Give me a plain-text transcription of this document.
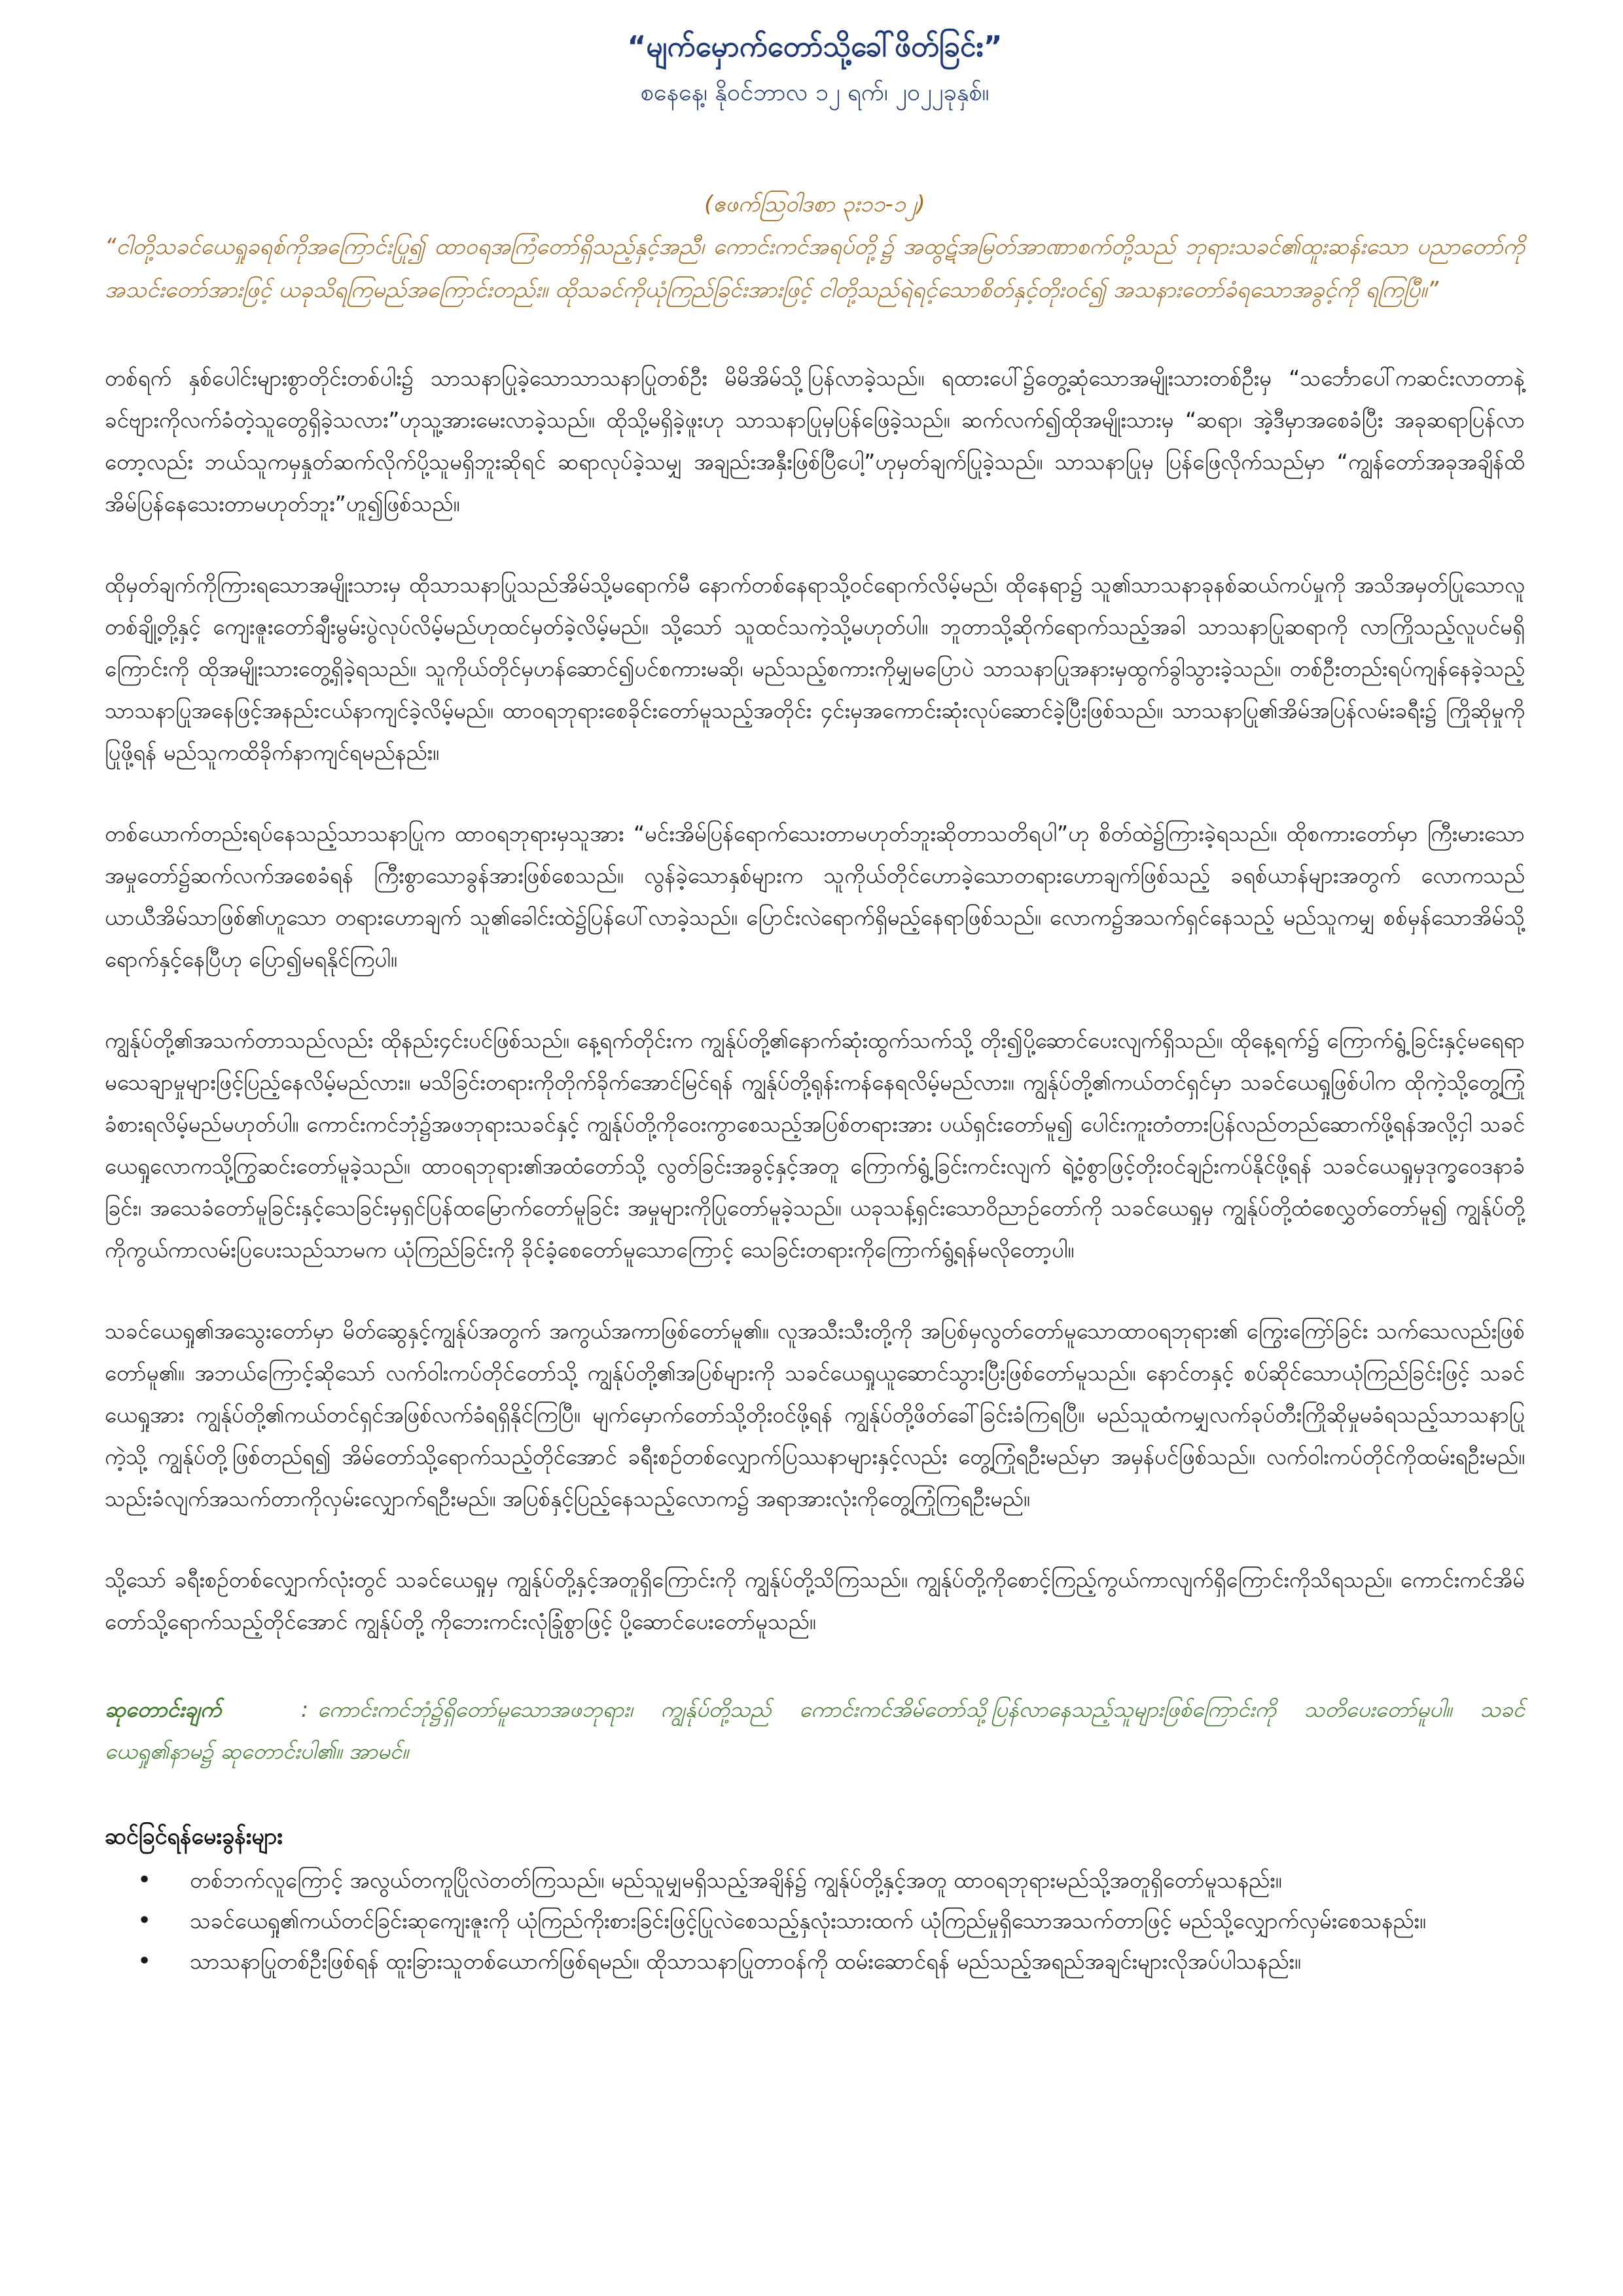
“မျက်မှောက်တော်သို့ခေါ်ဖိတ်ခြင်း”

စနေနေ့၊ နိုဝင်ဘာလ ၁၂ ရက်၊ ၂၀၂၂ခုနှစ်။

(ဧဖက်သြဝါဒစာ ၃း၁၁-၁၂)

“ငါတို့သခင်ယေရှုခရစ်ကိုအကြောင်းပြု၍ ထာဝရအကြံတော်ရှိသည့်နှင့်အညီ၊ ကောင်းကင်အရပ်တို့၌ အထွဋ်အမြတ်အာဏာစက်တို့သည် ဘုရားသခင်၏ထူးဆန်းသော ပညာတော်ကို အသင်းတော်အားဖြင့် ယခုသိရကြမည်အကြောင်းတည်း။ ထိုသခင်ကိုယုံကြည်ခြင်းအားဖြင့် ငါတို့သည်ရဲရင့်သောစိတ်နှင့်တိုးဝင်၍ အသနားတော်ခံရသောအခွင့်ကို ရကြပြီ။”

တစ်ရက် နှစ်ပေါင်းများစွာတိုင်းတစ်ပါး၌ သာသနာပြုခဲ့သောသာသနာပြုတစ်ဦး မိမိအိမ်သို့ပြန်လာခဲ့သည်။ ရထားပေါ်၌တွေ့ဆုံသောအမျိုးသားတစ်ဦးမှ “သင်္ဘောပေါ်ကဆင်းလာတာနဲ့ ခင်ဗျားကိုလက်ခံတဲ့သူတွေရှိခဲ့သလား”ဟုသူ့အားမေးလာခဲ့သည်။ ထိုသို့မရှိခဲ့ဖူးဟု သာသနာပြုမှပြန်ဖြေခဲ့သည်။ ဆက်လက်၍ထိုအမျိုးသားမှ “ဆရာ၊ အဲ့ဒီမှာအစေခံပြီး အခုဆရာပြန်လာတော့လည်း ဘယ်သူကမှနှုတ်ဆက်လိုက်ပို့သူမရှိဘူးဆိုရင် ဆရာလုပ်ခဲ့သမျှ အချည်းအနှီးဖြစ်ပြီပေါ့”ဟုမှတ်ချက်ပြုခဲ့သည်။ သာသနာပြုမှ ပြန်ဖြေလိုက်သည်မှာ “ကျွန်တော်အခုအချိန်ထိ အိမ်ပြန်နေသေးတာမဟုတ်ဘူး”ဟူ၍ဖြစ်သည်။

ထိုမှတ်ချက်ကိုကြားရသောအမျိုးသားမှ ထိုသာသနာပြုသည်အိမ်သို့မရောက်မီ နောက်တစ်နေရာသို့ဝင်ရောက်လိမ့်မည်၊ ထိုနေရာ၌ သူ၏သာသနာခုနစ်ဆယ်ကပ်မှုကို အသိအမှတ်ပြုသောလူတစ်ချို့တို့နှင့် ကျေးဇူးတော်ချီးမွမ်းပွဲလုပ်လိမ့်မည်ဟုထင်မှတ်ခဲ့လိမ့်မည်။ သို့သော် သူထင်သကဲ့သို့မဟုတ်ပါ။ ဘူတာသို့ဆိုက်ရောက်သည့်အခါ သာသနာပြုဆရာကို လာကြိုသည့်လူပင်မရှိကြောင်းကို ထိုအမျိုးသားတွေ့ရှိခဲ့ရသည်။ သူကိုယ်တိုင်မှဟန်ဆောင်၍ပင်စကားမဆို၊ မည်သည့်စကားကိုမျှမပြောပဲ သာသနာပြုအနားမှထွက်ခွါသွားခဲ့သည်။ တစ်ဦးတည်းရပ်ကျန်နေခဲ့သည့် သာသနာပြုအနေဖြင့်အနည်းငယ်နာကျင်ခဲ့လိမ့်မည်။ ထာဝရဘုရားစေခိုင်းတော်မူသည့်အတိုင်း ၄င်းမှအကောင်းဆုံးလုပ်ဆောင်ခဲ့ပြီးဖြစ်သည်။ သာသနာပြု၏အိမ်အပြန်လမ်းခရီး၌ ကြိုဆိုမှုကိုပြုဖို့ရန် မည်သူကထိခိုက်နာကျင်ရမည်နည်း။

တစ်ယောက်တည်းရပ်နေသည့်သာသနာပြုက ထာဝရဘုရားမှသူအား “မင်းအိမ်ပြန်ရောက်သေးတာမဟုတ်ဘူးဆိုတာသတိရပါ”ဟု စိတ်ထဲ၌ကြားခဲ့ရသည်။ ထိုစကားတော်မှာ ကြီးမားသောအမှုတော်၌ဆက်လက်အစေခံရန် ကြီးစွာသောခွန်အားဖြစ်စေသည်။ လွန်ခဲ့သောနှစ်များက သူကိုယ်တိုင်ဟောခဲ့သောတရားဟောချက်ဖြစ်သည့် ခရစ်ယာန်များအတွက် လောကသည်ယာယီအိမ်သာဖြစ်၏ဟူသော တရားဟောချက် သူ၏ခေါင်းထဲ၌ပြန်ပေါ်လာခဲ့သည်။ ပြောင်းလဲရောက်ရှိမည့်နေရာဖြစ်သည်။ လောက၌အသက်ရှင်နေသည့် မည်သူကမျှ စစ်မှန်သောအိမ်သို့ရောက်နှင့်နေပြီဟု ပြော၍မရနိုင်ကြပါ။

ကျွန်ုပ်တို့၏အသက်တာသည်လည်း ထိုနည်း၄င်းပင်ဖြစ်သည်။ နေ့ရက်တိုင်းက ကျွန်ုပ်တို့၏နောက်ဆုံးထွက်သက်သို့ တိုး၍ပို့ဆောင်ပေးလျက်ရှိသည်။ ထိုနေ့ရက်၌ ကြောက်ရွံ့ခြင်းနှင့်မရေရာမသေချာမှုများဖြင့်ပြည့်နေလိမ့်မည်လား။ မသိခြင်းတရားကိုတိုက်ခိုက်အောင်မြင်ရန် ကျွန်ုပ်တို့ရုန်းကန်နေရလိမ့်မည်လား။ ကျွန်ုပ်တို့၏ကယ်တင်ရှင်မှာ သခင်ယေရှုဖြစ်ပါက ထိုကဲ့သို့တွေ့ကြုံခံစားရလိမ့်မည်မဟုတ်ပါ။ ကောင်းကင်ဘုံ၌အဖဘုရားသခင်နှင့် ကျွန်ုပ်တို့ကိုဝေးကွာစေသည့်အပြစ်တရားအား ပယ်ရှင်းတော်မူ၍ ပေါင်းကူးတံတားပြန်လည်တည်ဆောက်ဖို့ရန်အလို့ငှါ သခင်ယေရှုလောကသို့ကြွဆင်းတော်မူခဲ့သည်။ ထာဝရဘုရား၏အထံတော်သို့ လွတ်ခြင်းအခွင့်နှင့်အတူ ကြောက်ရွံ့ခြင်းကင်းလျက် ရဲ့ဝံ့စွာဖြင့်တိုးဝင်ချဉ်းကပ်နိုင်ဖို့ရန် သခင်ယေရှုမှဒုက္ခဝေဒနာခံခြင်း၊ အသေခံတော်မူခြင်းနှင့်သေခြင်းမှရှင်ပြန်ထမြောက်တော်မူခြင်း အမှုများကိုပြုတော်မူခဲ့သည်။ ယခုသန့်ရှင်းသောဝိညာဉ်တော်ကို သခင်ယေရှုမှ ကျွန်ုပ်တို့ထံစေလွှတ်တော်မူ၍ ကျွန်ုပ်တို့ကိုကွယ်ကာလမ်းပြပေးသည်သာမက ယုံကြည်ခြင်းကို ခိုင်ခံ့စေတော်မူသောကြောင့် သေခြင်းတရားကိုကြောက်ရွံ့ရန်မလိုတော့ပါ။

သခင်ယေရှု၏အသွေးတော်မှာ မိတ်ဆွေနှင့်ကျွန်ုပ်အတွက် အကွယ်အကာဖြစ်တော်မူ၏။ လူအသီးသီးတို့ကို အပြစ်မှလွတ်တော်မူသောထာဝရဘုရား၏ ကြွေးကြော်ခြင်း သက်သေလည်းဖြစ်တော်မူ၏။ အဘယ်ကြောင့်ဆိုသော် လက်ဝါးကပ်တိုင်တော်သို့ ကျွန်ုပ်တို့၏အပြစ်များကို သခင်ယေရှုယူဆောင်သွားပြီးဖြစ်တော်မူသည်။ နောင်တနှင့် စပ်ဆိုင်သောယုံကြည်ခြင်းဖြင့် သခင်ယေရှုအား ကျွန်ုပ်တို့၏ကယ်တင်ရှင်အဖြစ်လက်ခံရရှိနိုင်ကြပြီ။ မျက်မှောက်တော်သို့တိုးဝင်ဖို့ရန် ကျွန်ုပ်တို့ဖိတ်ခေါ်ခြင်းခံကြရပြီ။ မည်သူထံကမျှလက်ခုပ်တီးကြိုဆိုမှုမခံရသည့်သာသနာပြုကဲ့သို့ ကျွန်ုပ်တို့ဖြစ်တည်ရ၍ အိမ်တော်သို့ရောက်သည့်တိုင်အောင် ခရီးစဉ်တစ်လျှောက်ပြဿနာများနှင့်လည်း တွေ့ကြုံရဦးမည်မှာ အမှန်ပင်ဖြစ်သည်။ လက်ဝါးကပ်တိုင်ကိုထမ်းရဦးမည်။ သည်းခံလျက်အသက်တာကိုလှမ်းလျှောက်ရဦးမည်။ အပြစ်နှင့်ပြည့်နေသည့်လောက၌ အရာအားလုံးကိုတွေ့ကြုံကြရဦးမည်။

သို့သော် ခရီးစဉ်တစ်လျှောက်လုံးတွင် သခင်ယေရှုမှ ကျွန်ုပ်တို့နှင့်အတူရှိကြောင်းကို ကျွန်ုပ်တို့သိကြသည်။ ကျွန်ုပ်တို့ကိုစောင့်ကြည့်ကွယ်ကာလျက်ရှိကြောင်းကိုသိရသည်။ ကောင်းကင်အိမ်တော်သို့ရောက်သည့်တိုင်အောင် ကျွန်ုပ်တို့ ကိုဘေးကင်းလုံခြုံစွာဖြင့် ပို့ဆောင်ပေးတော်မူသည်။

ဆုတောင်းချက်	: ကောင်းကင်ဘုံ၌ရှိတော်မူသောအဖဘုရား၊ ကျွန်ုပ်တို့သည် ကောင်းကင်အိမ်တော်သို့ပြန်လာနေသည့်သူများဖြစ်ကြောင်းကို သတိပေးတော်မူပါ။ သခင်ယေရှု၏နာမ၌ ဆုတောင်းပါ၏။ အာမင်။

ဆင်ခြင်ရန်မေးခွန်းများ
• တစ်ဘက်လူကြောင့် အလွယ်တကူပြိုလဲတတ်ကြသည်။ မည်သူမျှမရှိသည့်အချိန်၌ ကျွန်ုပ်တို့နှင့်အတူ ထာဝရဘုရားမည်သို့အတူရှိတော်မူသနည်း။
• သခင်ယေရှု၏ကယ်တင်ခြင်းဆုကျေးဇူးကို ယုံကြည်ကိုးစားခြင်းဖြင့်ပြုလဲစေသည့်နှလုံးသားထက် ယုံကြည်မှုရှိသောအသက်တာဖြင့် မည်သို့လျှောက်လှမ်းစေသနည်း။
• သာသနာပြုတစ်ဦးဖြစ်ရန် ထူးခြားသူတစ်ယောက်ဖြစ်ရမည်။ ထိုသာသနာပြုတာဝန်ကို ထမ်းဆောင်ရန် မည်သည့်အရည်အချင်းများလိုအပ်ပါသနည်း။
